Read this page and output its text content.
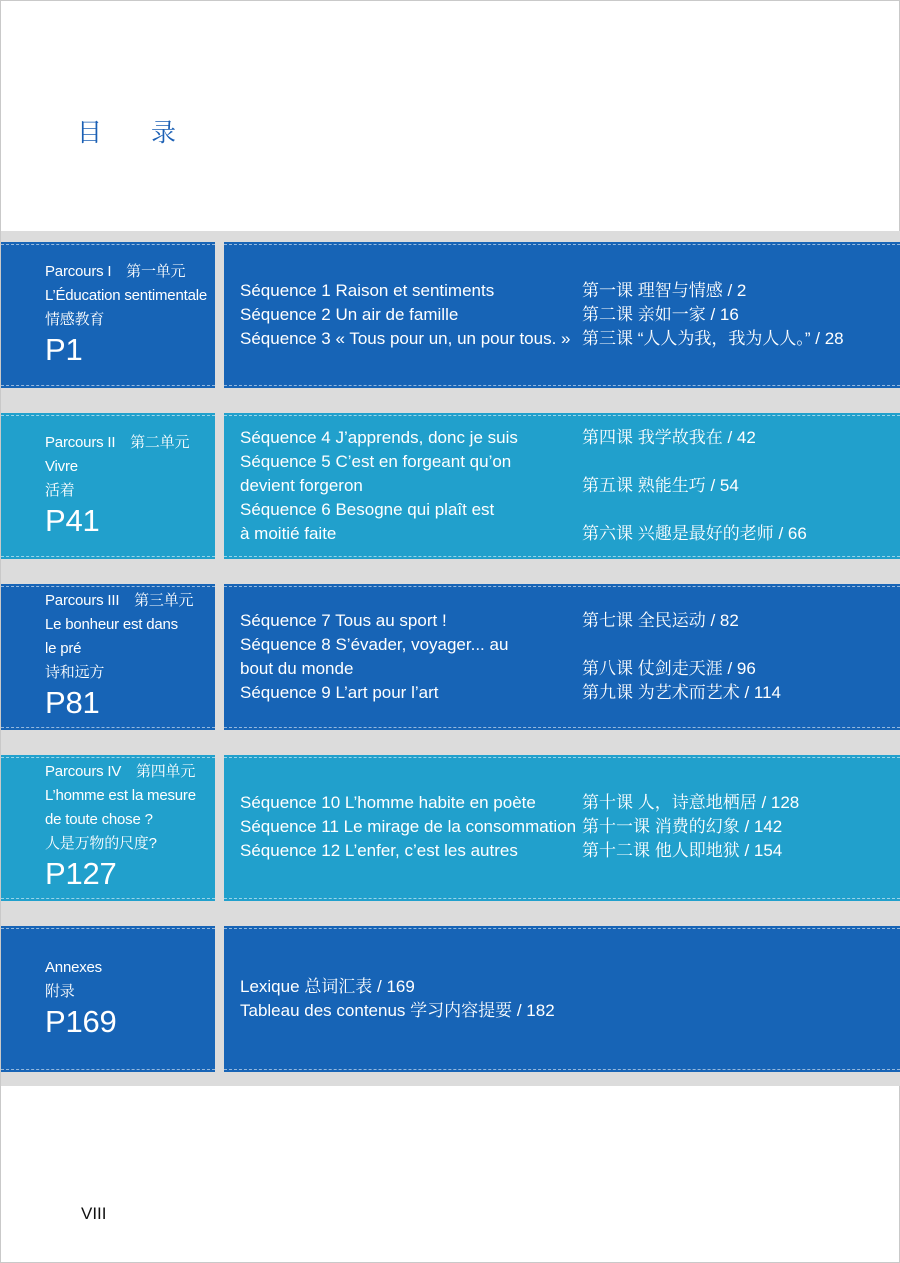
目　录
Parcours I　第一单元
L’Éducation sentimentale
情感教育
P1
Séquence 1 Raison et sentiments	第一课 理智与情感 / 2
Séquence 2 Un air de famille	第二课 亲如一家 / 16
Séquence 3 « Tous pour un, un pour tous. » 第三课 “人人为我，我为人人。” / 28
Parcours II　第二单元
Vivre
活着
P41
Séquence 4 J’apprends, donc je suis	第四课 我学故我在 / 42
Séquence 5 C’est en forgeant qu’on
devient forgeron	第五课 熟能生巧 / 54
Séquence 6 Besogne qui plaît est
à moitié faite	第六课 兴趣是最好的老师 / 66
Parcours III　第三单元
Le bonheur est dans
le pré
诗和远方
P81
Séquence 7 Tous au sport !	第七课 全民运动 / 82
Séquence 8 S’évader, voyager... au
bout du monde	第八课 仗剑走天涯 / 96
Séquence 9 L’art pour l’art	第九课 为艺术而艺术 / 114
Parcours IV　第四单元
L’homme est la mesure
de toute chose ?
人是万物的尺度?
P127
Séquence 10 L’homme habite en poète	第十课 人，诗意地栖居 / 128
Séquence 11 Le mirage de la consommation 第十一课 消费的幻象 / 142
Séquence 12 L’enfer, c’est les autres	第十二课 他人即地狱 / 154
Annexes
附录
P169
Lexique 总词汇表 / 169
Tableau des contenus 学习内容提要 / 182
VIII
